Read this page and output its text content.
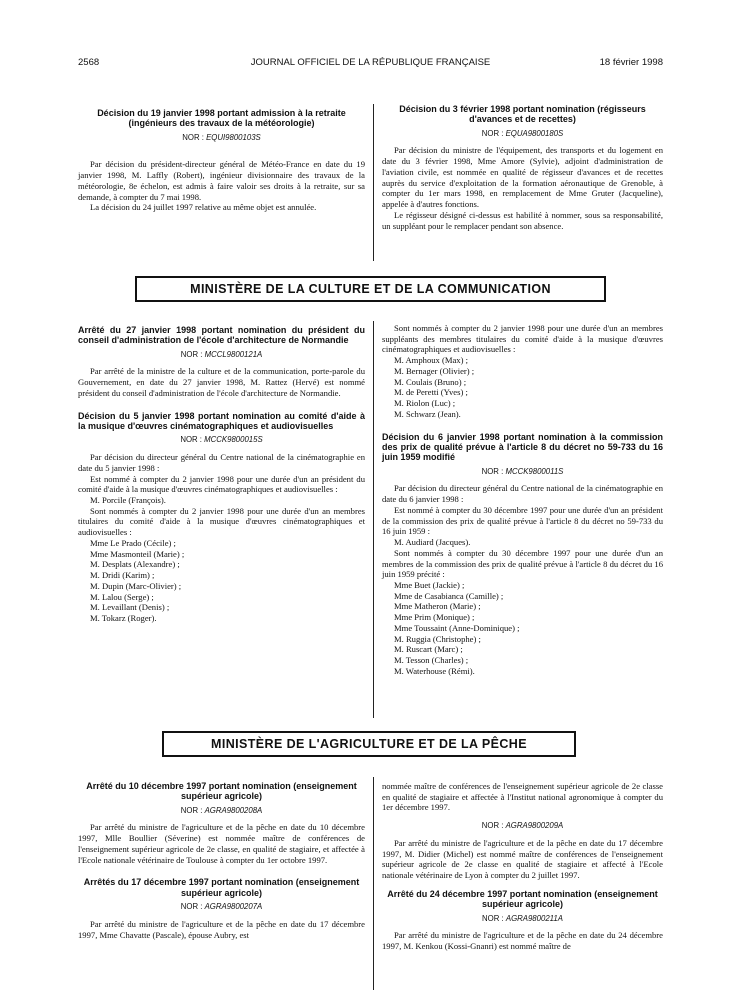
2568	JOURNAL OFFICIEL DE LA RÉPUBLIQUE FRANÇAISE	18 février 1998
Décision du 19 janvier 1998 portant admission à la retraite (ingénieurs des travaux de la météorologie)
NOR : EQUI9800103S

Par décision du président-directeur général de Météo-France en date du 19 janvier 1998, M. Laffly (Robert), ingénieur divisionnaire des travaux de la météorologie, 8e échelon, est admis à faire valoir ses droits à la retraite, sur sa demande, à compter du 7 mai 1998.

La décision du 24 juillet 1997 relative au même objet est annulée.

Décision du 3 février 1998 portant nomination (régisseurs d'avances et de recettes)
NOR : EQUA9800180S

Par décision du ministre de l'équipement, des transports et du logement en date du 3 février 1998, Mme Amore (Sylvie), adjoint d'administration de l'aviation civile, est nommée en qualité de régisseur d'avances et de recettes auprès du service d'exploitation de la formation aéronautique de Grenoble, à compter du 1er mars 1998, en remplacement de Mme Gruter (Jacqueline), appelée à d'autres fonctions.

Le régisseur désigné ci-dessus est habilité à nommer, sous sa responsabilité, un suppléant pour le remplacer pendant son absence.

MINISTÈRE DE LA CULTURE ET DE LA COMMUNICATION
Arrêté du 27 janvier 1998 portant nomination du président du conseil d'administration de l'école d'architecture de Normandie
NOR : MCCL9800121A

Par arrêté de la ministre de la culture et de la communication, porte-parole du Gouvernement, en date du 27 janvier 1998, M. Rattez (Hervé) est nommé président du conseil d'administration de l'école d'architecture de Normandie.

Décision du 5 janvier 1998 portant nomination au comité d'aide à la musique d'œuvres cinématographiques et audiovisuelles
NOR : MCCK9800015S

Par décision du directeur général du Centre national de la cinématographie en date du 5 janvier 1998 :

Est nommé à compter du 2 janvier 1998 pour une durée d'un an président du comité d'aide à la musique d'œuvres cinématographiques et audiovisuelles :

M. Porcile (François).

Sont nommés à compter du 2 janvier 1998 pour une durée d'un an membres titulaires du comité d'aide à la musique d'œuvres cinématographiques et audiovisuelles :

Mme Le Prado (Cécile) ;
Mme Masmonteil (Marie) ;
M. Desplats (Alexandre) ;
M. Dridi (Karim) ;
M. Dupin (Marc-Olivier) ;
M. Lalou (Serge) ;
M. Levaillant (Denis) ;
M. Tokarz (Roger).

Sont nommés à compter du 2 janvier 1998 pour une durée d'un an membres suppléants des membres titulaires du comité d'aide à la musique d'œuvres cinématographiques et audiovisuelles :

M. Amphoux (Max) ;
M. Bernager (Olivier) ;
M. Coulais (Bruno) ;
M. de Peretti (Yves) ;
M. Riolon (Luc) ;
M. Schwarz (Jean).
Décision du 6 janvier 1998 portant nomination à la commission des prix de qualité prévue à l'article 8 du décret no 59-733 du 16 juin 1959 modifié
NOR : MCCK9800011S

Par décision du directeur général du Centre national de la cinématographie en date du 6 janvier 1998 :

Est nommé à compter du 30 décembre 1997 pour une durée d'un an président de la commission des prix de qualité prévue à l'article 8 du décret no 59-733 du 16 juin 1959 :

M. Audiard (Jacques).

Sont nommés à compter du 30 décembre 1997 pour une durée d'un an membres de la commission des prix de qualité prévue à l'article 8 du décret du 16 juin 1959 précité :

Mme Buet (Jackie) ;
Mme de Casabianca (Camille) ;
Mme Matheron (Marie) ;
Mme Prim (Monique) ;
Mme Toussaint (Anne-Dominique) ;
M. Ruggia (Christophe) ;
M. Ruscart (Marc) ;
M. Tesson (Charles) ;
M. Waterhouse (Rémi).
MINISTÈRE DE L'AGRICULTURE ET DE LA PÊCHE
Arrêté du 10 décembre 1997 portant nomination (enseignement supérieur agricole)
NOR : AGRA9800208A

Par arrêté du ministre de l'agriculture et de la pêche en date du 10 décembre 1997, Mlle Boullier (Séverine) est nommée maître de conférences de l'enseignement supérieur agricole de 2e classe, en qualité de stagiaire, et affectée à l'Ecole nationale vétérinaire de Toulouse à compter du 1er octobre 1997.

Arrêtés du 17 décembre 1997 portant nomination (enseignement supérieur agricole)
NOR : AGRA9800207A

Par arrêté du ministre de l'agriculture et de la pêche en date du 17 décembre 1997, Mme Chavatte (Pascale), épouse Aubry, est

nommée maître de conférences de l'enseignement supérieur agricole de 2e classe en qualité de stagiaire et affectée à l'Institut national agronomique à compter du 1er décembre 1997.

NOR : AGRA9800209A

Par arrêté du ministre de l'agriculture et de la pêche en date du 17 décembre 1997, M. Didier (Michel) est nommé maître de conférences de l'enseignement supérieur agricole de 2e classe en qualité de stagiaire et affecté à l'Ecole nationale vétérinaire de Lyon à compter du 2 juillet 1997.

Arrêté du 24 décembre 1997 portant nomination (enseignement supérieur agricole)
NOR : AGRA9800211A

Par arrêté du ministre de l'agriculture et de la pêche en date du 24 décembre 1997, M. Kenkou (Kossi-Gnanri) est nommé maître de
